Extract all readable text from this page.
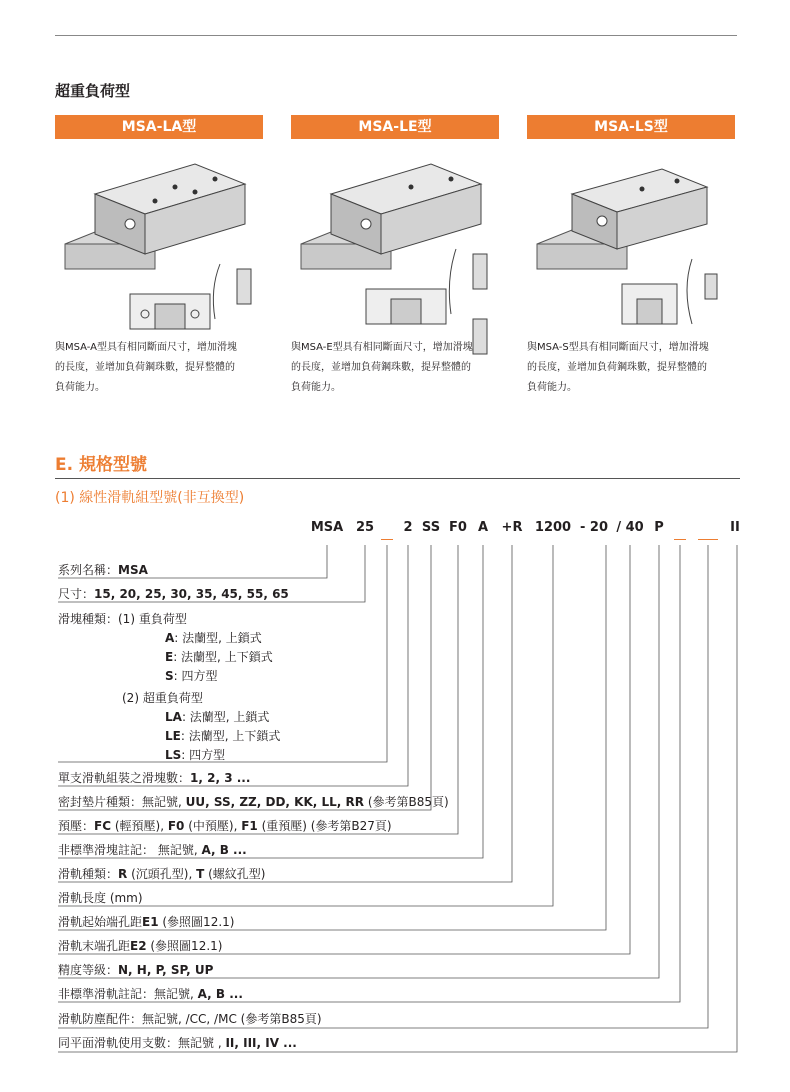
超重負荷型
MSA-LA型
與MSA-A型具有相同斷面尺寸，增加滑塊
的長度，並增加負荷鋼珠數，提昇整體的
負荷能力。
MSA-LE型
與MSA-E型具有相同斷面尺寸，增加滑塊
的長度，並增加負荷鋼珠數，提昇整體的
負荷能力。
MSA-LS型
與MSA-S型具有相同斷面尺寸，增加滑塊
的長度，並增加負荷鋼珠數，提昇整體的
負荷能力。
E. 規格型號
(1) 線性滑軌組型號(非互換型)
MSA 25 2 SS F0 A +R 1200 - 20 / 40 P	II
系列名稱：MSA
尺寸：15, 20, 25, 30, 35, 45, 55, 65
滑塊種類：(1) 重負荷型
A: 法蘭型, 上鎖式
E: 法蘭型, 上下鎖式
S: 四方型
(2) 超重負荷型
LA: 法蘭型, 上鎖式
LE: 法蘭型, 上下鎖式
LS: 四方型
單支滑軌組裝之滑塊數：1, 2, 3 ...
密封墊片種類：無記號, UU, SS, ZZ, DD, KK, LL, RR (參考第B85頁)
預壓：FC (輕預壓), F0 (中預壓), F1 (重預壓) (參考第B27頁)
非標準滑塊註記： 無記號, A, B ...
滑軌種類：R (沉頭孔型), T (螺紋孔型)
滑軌長度 (mm)
滑軌起始端孔距E1 (參照圖12.1)
滑軌末端孔距E2 (參照圖12.1)
精度等級：N, H, P, SP, UP
非標準滑軌註記：無記號, A, B ...
滑軌防塵配件：無記號, /CC, /MC (參考第B85頁)
同平面滑軌使用支數：無記號 , II, III, IV ...
